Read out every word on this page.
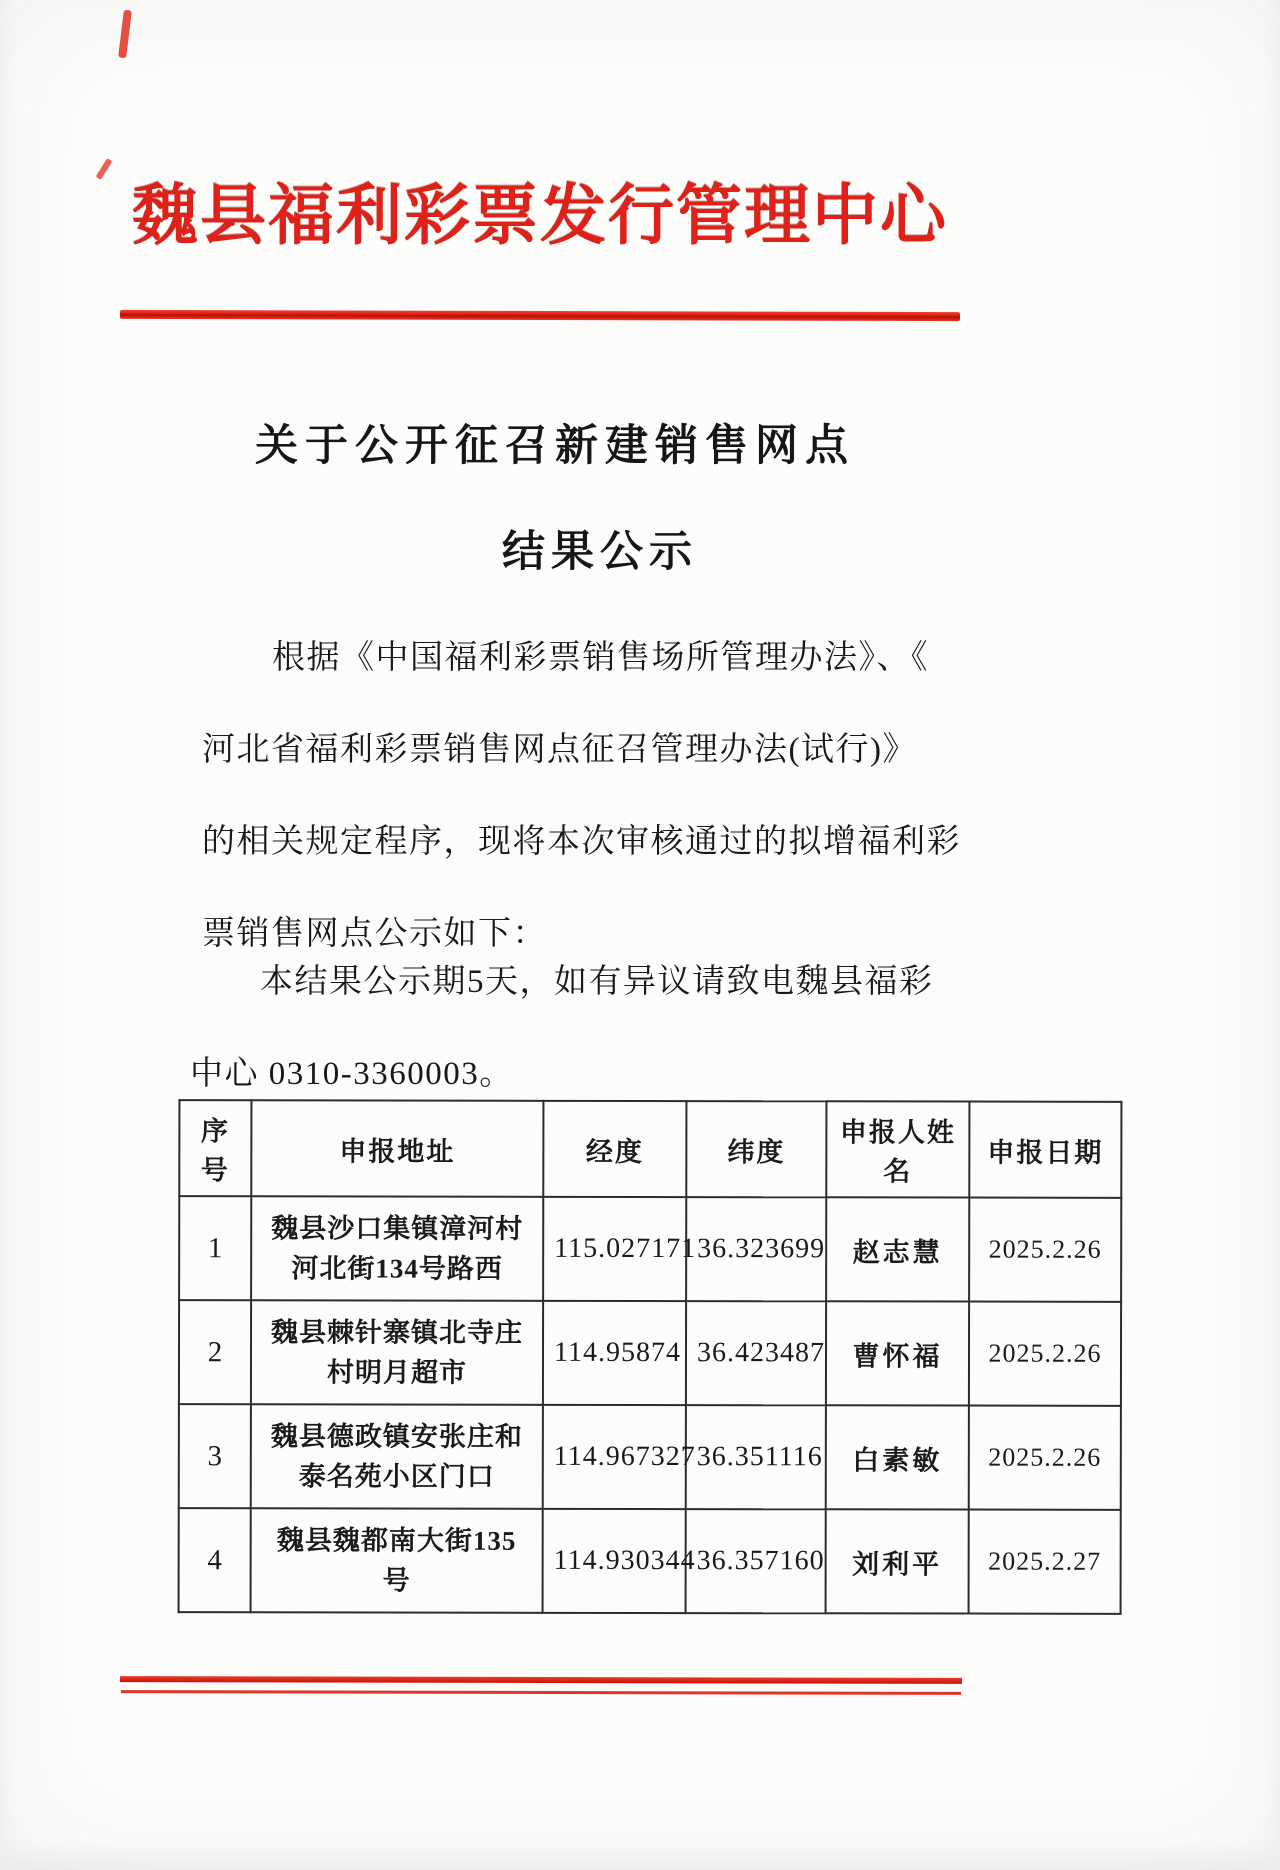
魏县福利彩票发行管理中心
关于公开征召新建销售网点
结果公示
根据《中国福利彩票销售场所管理办法》、《
河北省福利彩票销售网点征召管理办法(试行)》
的相关规定程序，现将本次审核通过的拟增福利彩
票销售网点公示如下：
本结果公示期5天，如有异议请致电魏县福彩
中心 0310-3360003。
序号	申报地址	经度	纬度	申报人姓名	申报日期
1	魏县沙口集镇漳河村河北街134号路西	115.027171	36.323699	赵志慧	2025.2.26
2	魏县棘针寨镇北寺庄村明月超市	114.95874	36.423487	曹怀福	2025.2.26
3	魏县德政镇安张庄和泰名苑小区门口	114.967327	36.351116	白素敏	2025.2.26
4	魏县魏都南大街135号	114.930344	36.357160	刘利平	2025.2.27
